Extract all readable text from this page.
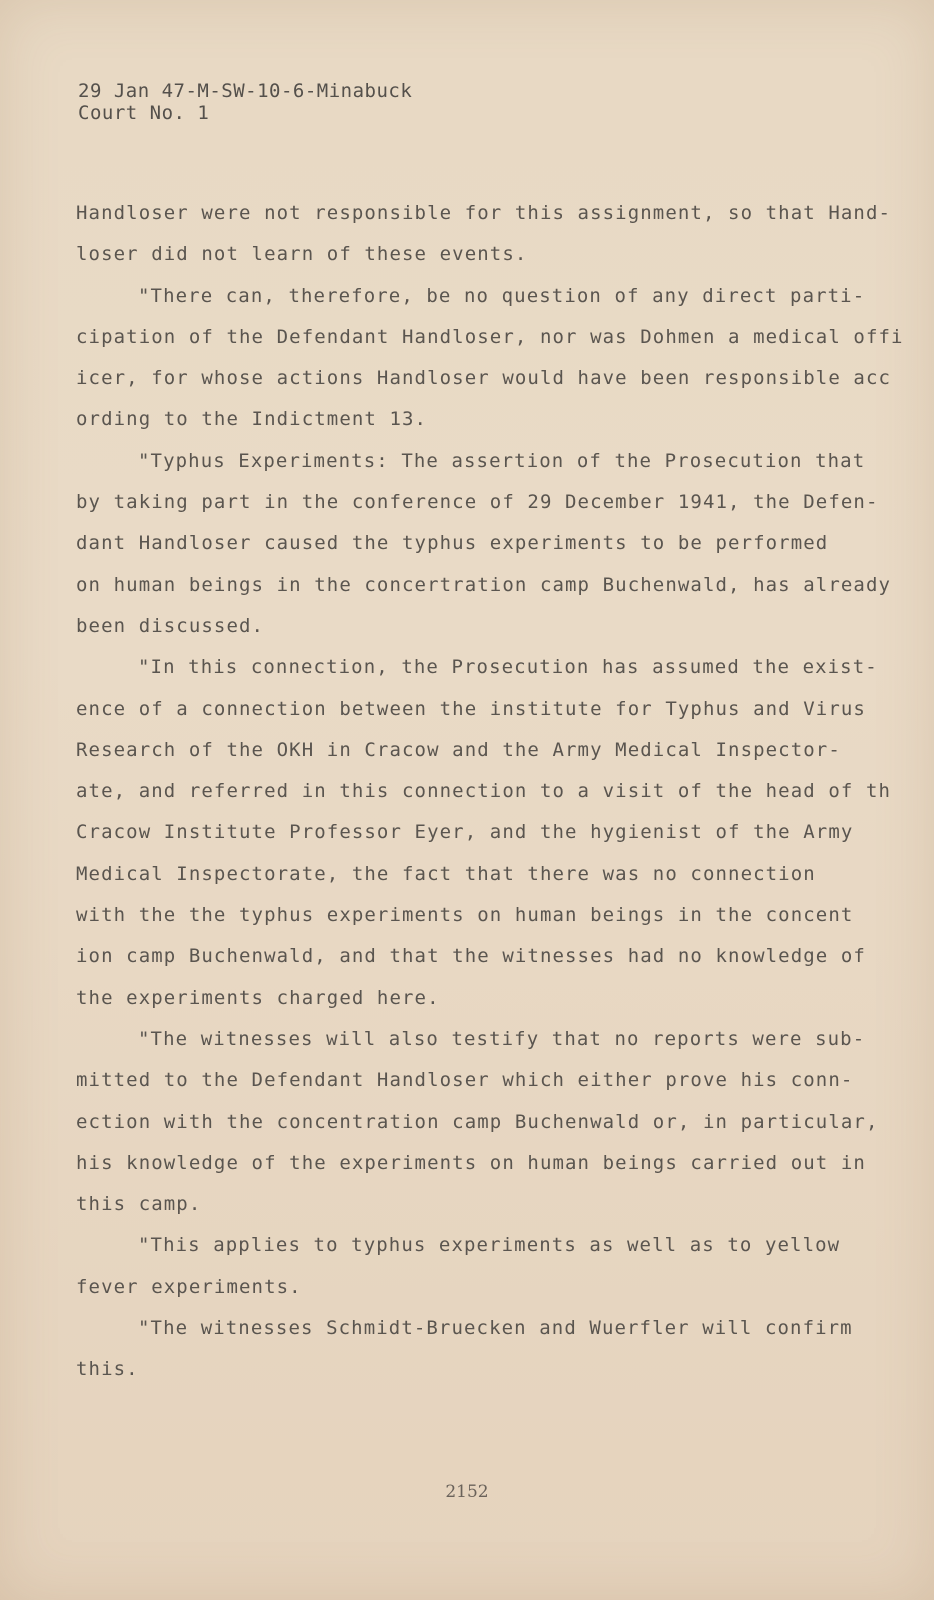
29 Jan 47-M-SW-10-6-Minabuck
Court No. 1
Handloser were not responsible for this assignment, so that Hand-
loser did not learn of these events.
"There can, therefore, be no question of any direct parti-
cipation of the Defendant Handloser, nor was Dohmen a medical offi
icer, for whose actions Handloser would have been responsible acc
ording to the Indictment 13.
"Typhus Experiments: The assertion of the Prosecution that
by taking part in the conference of 29 December 1941, the Defen-
dant Handloser caused the typhus experiments to be performed
on human beings in the concertration camp Buchenwald, has already
been discussed.
"In this connection, the Prosecution has assumed the exist-
ence of a connection between the institute for Typhus and Virus
Research of the OKH in Cracow and the Army Medical Inspector-
ate, and referred in this connection to a visit of the head of th
Cracow Institute Professor Eyer, and the hygienist of the Army
Medical Inspectorate, the fact that there was no connection
with the the typhus experiments on human beings in the concent
ion camp Buchenwald, and that the witnesses had no knowledge of
the experiments charged here.
"The witnesses will also testify that no reports were sub-
mitted to the Defendant Handloser which either prove his conn-
ection with the concentration camp Buchenwald or, in particular,
his knowledge of the experiments on human beings carried out in
this camp.
"This applies to typhus experiments as well as to yellow
fever experiments.
"The witnesses Schmidt-Bruecken and Wuerfler will confirm
this.
2152
